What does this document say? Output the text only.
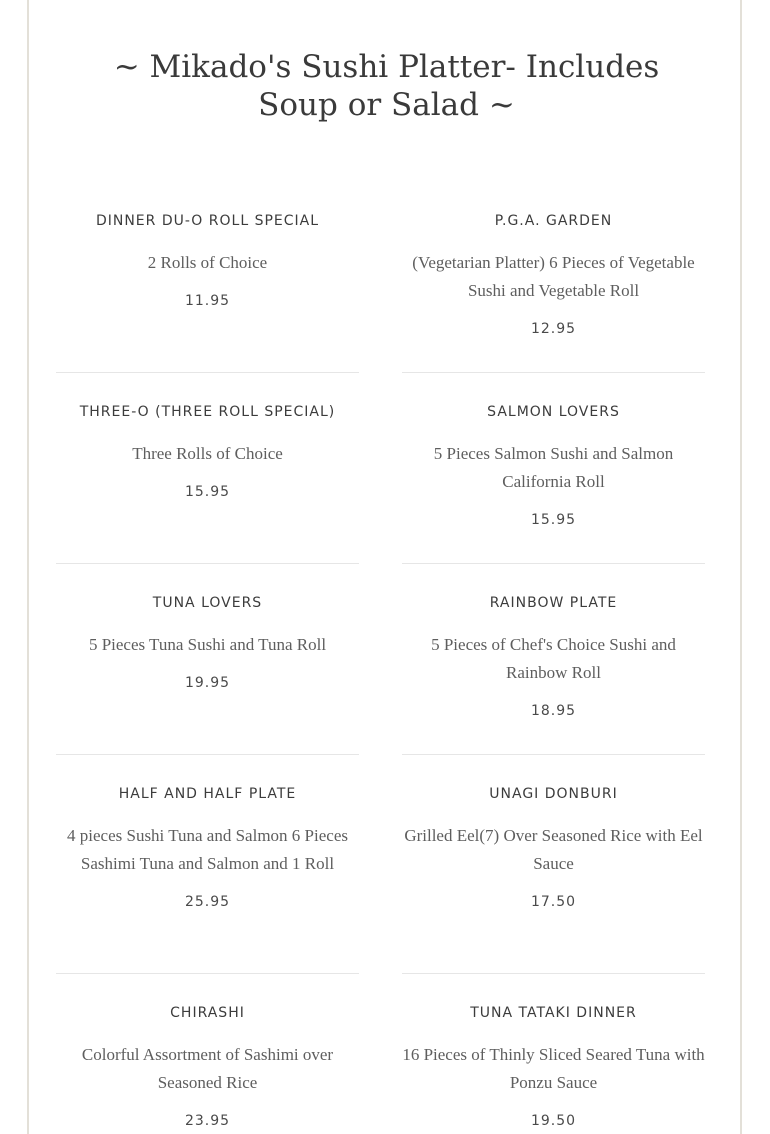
~ Mikado's Sushi Platter- Includes Soup or Salad ~

DINNER DU-O ROLL SPECIAL

2 Rolls of Choice

11.95

P.G.A. GARDEN

(Vegetarian Platter) 6 Pieces of Vegetable Sushi and Vegetable Roll

12.95

THREE-O (THREE ROLL SPECIAL)

Three Rolls of Choice

15.95

SALMON LOVERS

5 Pieces Salmon Sushi and Salmon California Roll

15.95

TUNA LOVERS

5 Pieces Tuna Sushi and Tuna Roll

19.95

RAINBOW PLATE

5 Pieces of Chef's Choice Sushi and Rainbow Roll

18.95

HALF AND HALF PLATE

4 pieces Sushi Tuna and Salmon 6 Pieces Sashimi Tuna and Salmon and 1 Roll

25.95

UNAGI DONBURI

Grilled Eel(7) Over Seasoned Rice with Eel Sauce

17.50

CHIRASHI

Colorful Assortment of Sashimi over Seasoned Rice

23.95

TUNA TATAKI DINNER

16 Pieces of Thinly Sliced Seared Tuna with Ponzu Sauce

19.50
